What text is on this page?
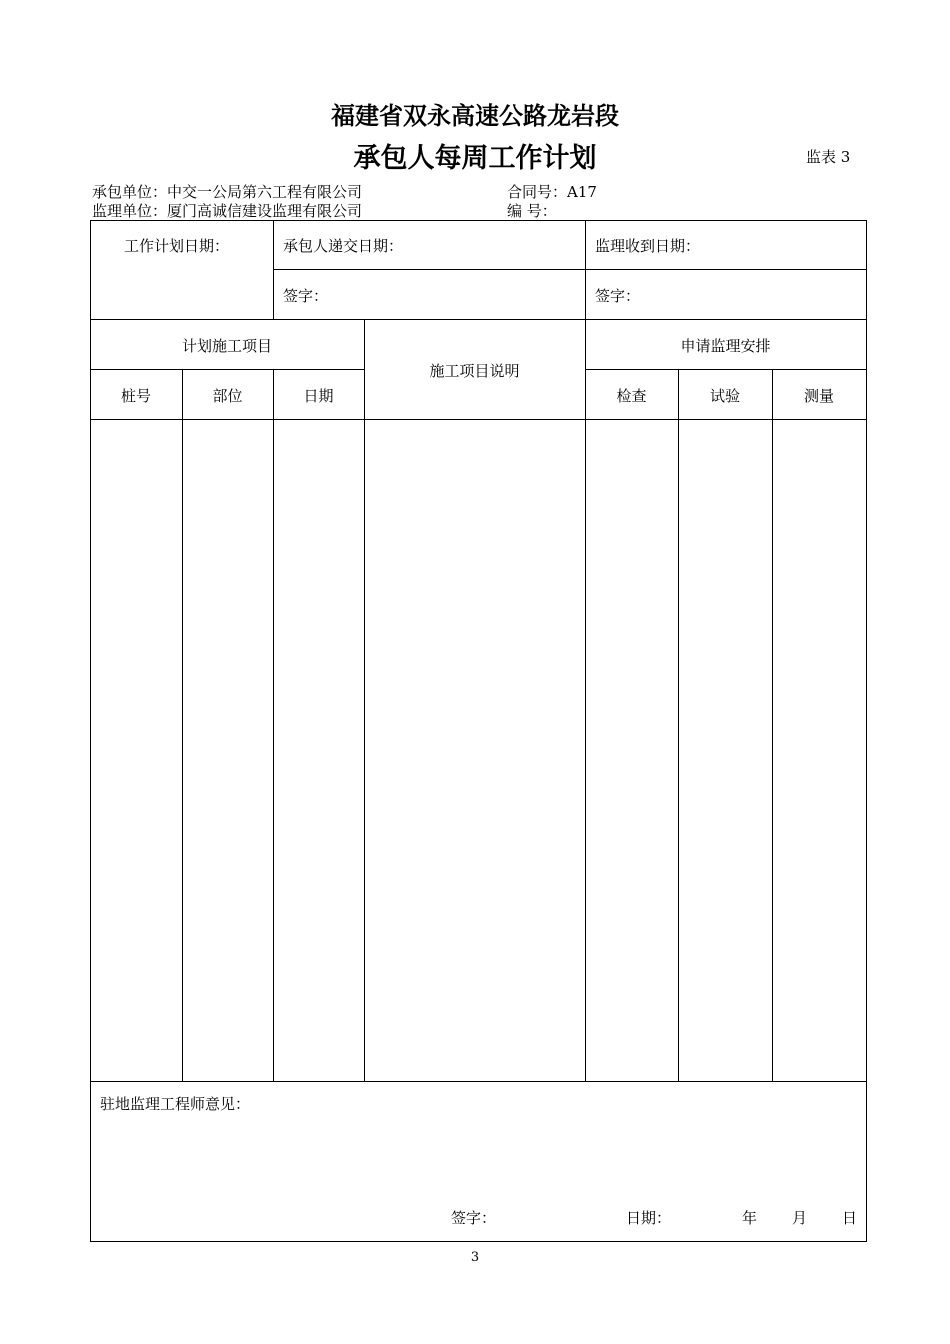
福建省双永高速公路龙岩段
承包人每周工作计划	监表 3
承包单位：中交一公局第六工程有限公司	合同号：A17
监理单位：厦门高诚信建设监理有限公司	编 号：
工作计划日期：	承包人递交日期：	监理收到日期：
签字：	签字：
计划施工项目
施工项目说明
申请监理安排
桩号	部位	日期	检查	试验	测量
驻地监理工程师意见：
签字：	日期：	年 月 日
3
